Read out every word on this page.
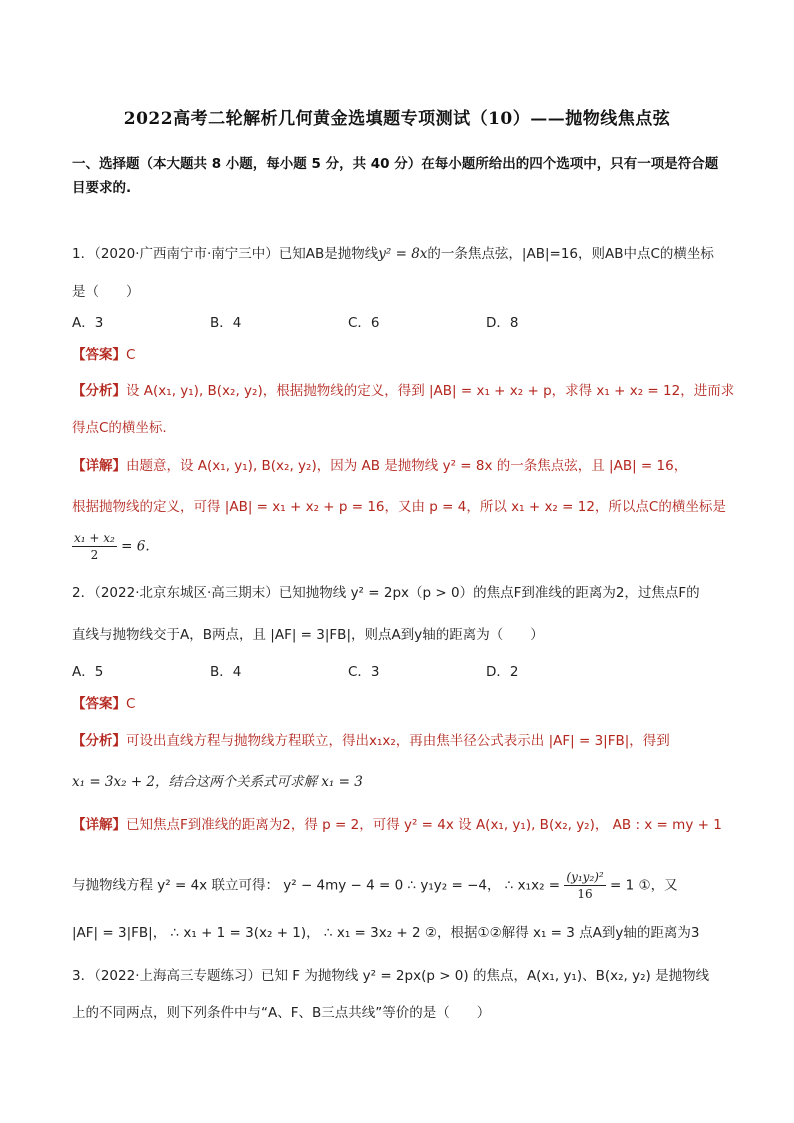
2022高考二轮解析几何黄金选填题专项测试（10）——抛物线焦点弦
一、选择题（本大题共 8 小题，每小题 5 分，共 40 分）在每小题所给出的四个选项中，只有一项是符合题
目要求的.
1．（2020·广西南宁市·南宁三中）已知AB是抛物线y² = 8x的一条焦点弦，|AB|=16，则AB中点C的横坐标
是（　　）
A．3	B．4	C．6	D．8
【答案】C
【分析】设 A(x₁, y₁), B(x₂, y₂)，根据抛物线的定义，得到 |AB| = x₁ + x₂ + p，求得 x₁ + x₂ = 12，进而求
得点C的横坐标.
【详解】由题意，设 A(x₁, y₁), B(x₂, y₂)，因为 AB 是抛物线 y² = 8x 的一条焦点弦，且 |AB| = 16，
根据抛物线的定义，可得 |AB| = x₁ + x₂ + p = 16，又由 p = 4，所以 x₁ + x₂ = 12，所以点C的横坐标是
$\frac{\text{x₁ + x₂}}{2} = 6$.
2．（2022·北京东城区·高三期末）已知抛物线 y² = 2px（p > 0）的焦点F到准线的距离为2，过焦点F的
直线与抛物线交于A，B两点，且 |AF| = 3|FB|，则点A到y轴的距离为（　　）
A．5	B．4	C．3	D．2
【答案】C
【分析】可设出直线方程与抛物线方程联立，得出x₁x₂，再由焦半径公式表示出 |AF| = 3|FB|，得到
x₁ = 3x₂ + 2，结合这两个关系式可求解 x₁ = 3
【详解】已知焦点F到准线的距离为2，得 p = 2，可得 y² = 4x 设 A(x₁, y₁), B(x₂, y₂)， AB : x = my + 1
与抛物线方程 y² = 4x 联立可得： y² − 4my − 4 = 0 ∴ y₁y₂ = −4， ∴ $x_1x_2 = \frac{\text{(y₁y₂)²}}{16} = 1$ ①，又
|AF| = 3|FB|， ∴ x₁ + 1 = 3(x₂ + 1)， ∴ x₁ = 3x₂ + 2 ②，根据①②解得 x₁ = 3 点A到y轴的距离为3
3．（2022·上海高三专题练习）已知 F 为抛物线 y² = 2px(p > 0) 的焦点，A(x₁, y₁)、B(x₂, y₂) 是抛物线
上的不同两点，则下列条件中与“A、F、B三点共线”等价的是（　　）
